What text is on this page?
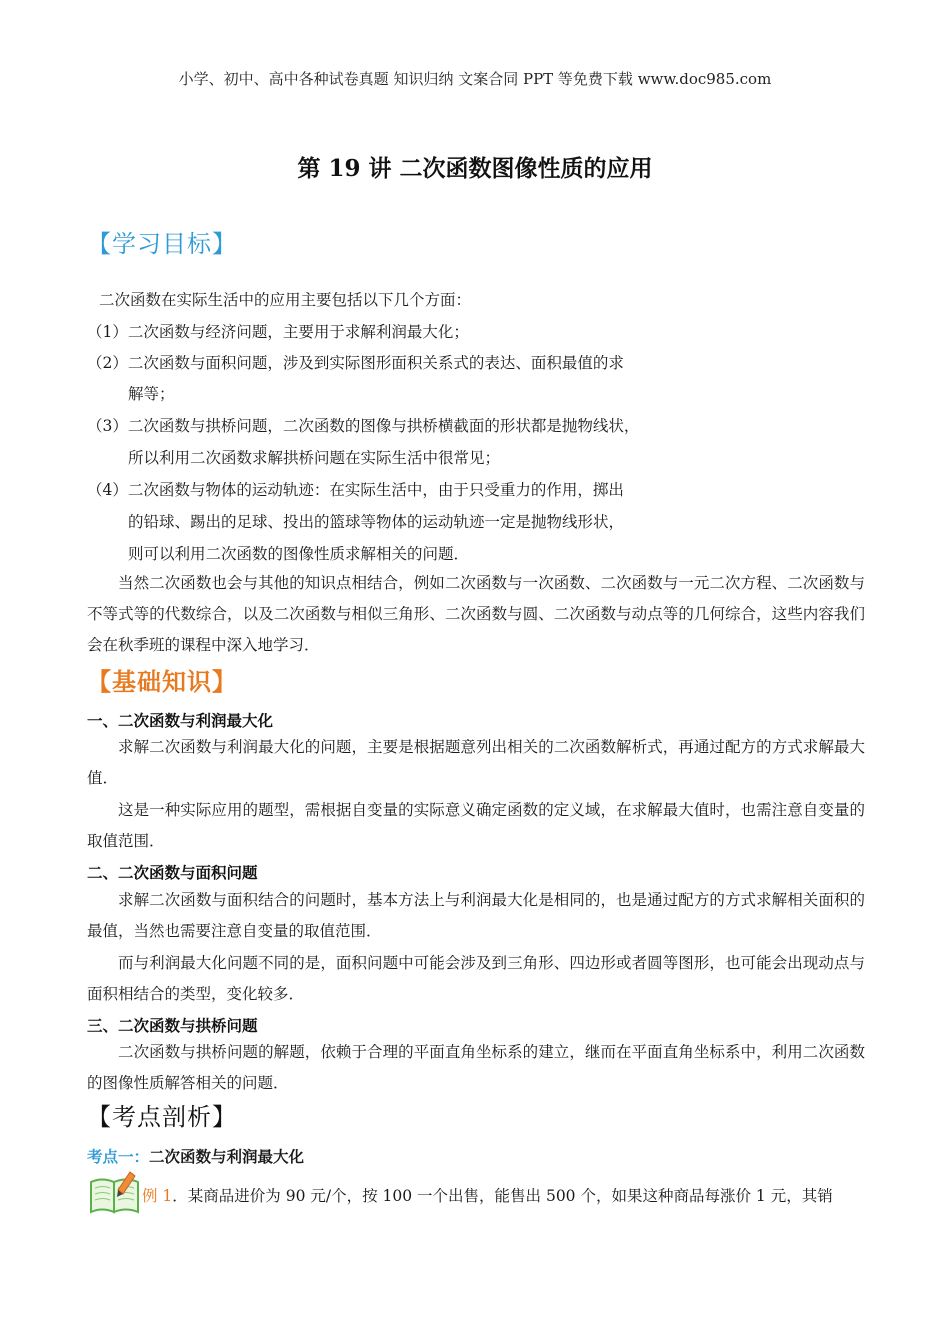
小学、初中、高中各种试卷真题 知识归纳 文案合同 PPT 等免费下载 www.doc985.com
第 19 讲 二次函数图像性质的应用
【学习目标】
二次函数在实际生活中的应用主要包括以下几个方面：
（1）二次函数与经济问题，主要用于求解利润最大化；
（2）二次函数与面积问题，涉及到实际图形面积关系式的表达、面积最值的求
解等；
（3）二次函数与拱桥问题，二次函数的图像与拱桥横截面的形状都是抛物线状，
所以利用二次函数求解拱桥问题在实际生活中很常见；
（4）二次函数与物体的运动轨迹：在实际生活中，由于只受重力的作用，掷出
的铅球、踢出的足球、投出的篮球等物体的运动轨迹一定是抛物线形状，
则可以利用二次函数的图像性质求解相关的问题．
当然二次函数也会与其他的知识点相结合，例如二次函数与一次函数、二次函数与一元二次方程、二次函数与不等式等的代数综合，以及二次函数与相似三角形、二次函数与圆、二次函数与动点等的几何综合，这些内容我们会在秋季班的课程中深入地学习．
【基础知识】
一、二次函数与利润最大化
求解二次函数与利润最大化的问题，主要是根据题意列出相关的二次函数解析式，再通过配方的方式求解最大值．
这是一种实际应用的题型，需根据自变量的实际意义确定函数的定义域，在求解最大值时，也需注意自变量的取值范围．
二、二次函数与面积问题
求解二次函数与面积结合的问题时，基本方法上与利润最大化是相同的，也是通过配方的方式求解相关面积的最值，当然也需要注意自变量的取值范围．
而与利润最大化问题不同的是，面积问题中可能会涉及到三角形、四边形或者圆等图形，也可能会出现动点与面积相结合的类型，变化较多．
三、二次函数与拱桥问题
二次函数与拱桥问题的解题，依赖于合理的平面直角坐标系的建立，继而在平面直角坐标系中，利用二次函数的图像性质解答相关的问题．
【考点剖析】
考点一：二次函数与利润最大化
例 1．某商品进价为 90 元/个，按 100 一个出售，能售出 500 个，如果这种商品每涨价 1 元，其销
